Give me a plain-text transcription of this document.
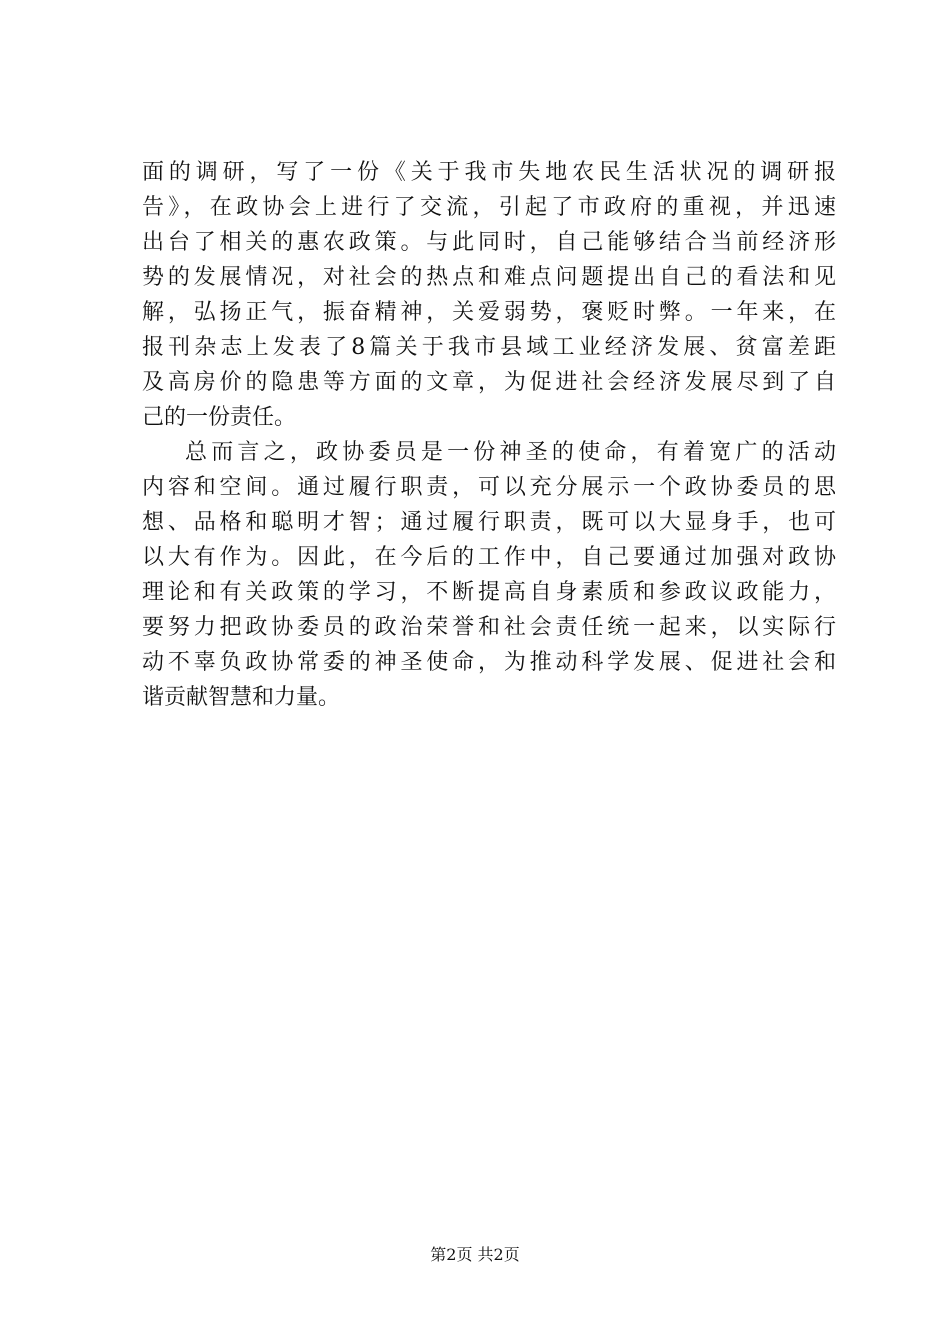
面的调研，写了一份《关于我市失地农民生活状况的调研报
告》，在政协会上进行了交流，引起了市政府的重视，并迅速
出台了相关的惠农政策。与此同时，自己能够结合当前经济形
势的发展情况，对社会的热点和难点问题提出自己的看法和见
解，弘扬正气，振奋精神，关爱弱势，褒贬时弊。一年来，在
报刊杂志上发表了8篇关于我市县域工业经济发展、贫富差距
及高房价的隐患等方面的文章，为促进社会经济发展尽到了自
己的一份责任。
总而言之，政协委员是一份神圣的使命，有着宽广的活动
内容和空间。通过履行职责，可以充分展示一个政协委员的思
想、品格和聪明才智；通过履行职责，既可以大显身手，也可
以大有作为。因此，在今后的工作中，自己要通过加强对政协
理论和有关政策的学习，不断提高自身素质和参政议政能力，
要努力把政协委员的政治荣誉和社会责任统一起来，以实际行
动不辜负政协常委的神圣使命，为推动科学发展、促进社会和
谐贡献智慧和力量。
第2页 共2页
